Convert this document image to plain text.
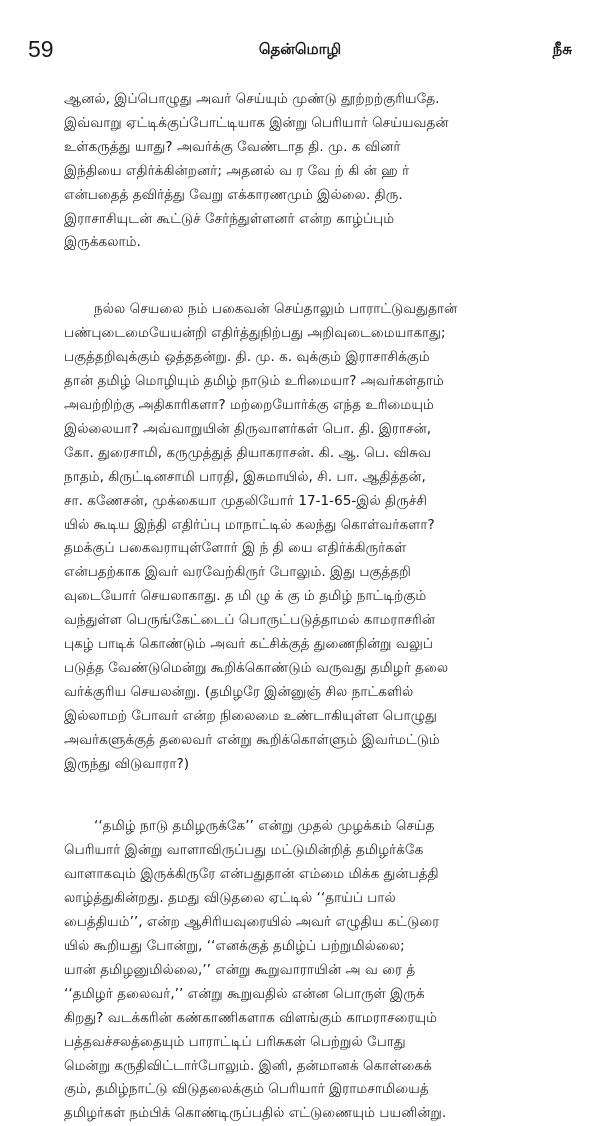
59	தென்மொழி	நீசு

ஆனல், இப்பொழுது அவர் செய்யும் முண்டு தூற்றற்குரியதே.
இவ்வாறு ஏட்டிக்குப்போட்டியாக இன்று பெரியார் செய்யவதன்
உள்கருத்து யாது? அவர்க்கு வேண்டாத தி. மு. க வினர்
இந்தியை எதிர்க்கின்றனர்; அதனல் வ ர வே ற் கி ன் ஹ ர்
என்பதைத் தவிர்த்து வேறு எக்காரணமும் இல்லை. திரு.
இராசாசியுடன் கூட்டுச் சேர்ந்துள்ளனர் என்ற காழ்ப்பும்
இருக்கலாம்.

நல்ல செயலை நம் பகைவன் செய்தாலும் பாராட்டுவதுதான்
பண்புடைமையேயன்றி எதிர்த்துநிற்பது அறிவுடைமையாகாது;
பகுத்தறிவுக்கும் ஒத்ததன்று. தி. மு. க. வுக்கும் இராசாசிக்கும்
தான் தமிழ் மொழியும் தமிழ் நாடும் உரிமையா? அவர்கள்தாம்
அவற்றிற்கு அதிகாரிகளா? மற்றையோர்க்கு எந்த உரிமையும்
இல்லையா? அவ்வாறுயின் திருவாளர்கள் பொ. தி. இராசன்,
கோ. துரைசாமி, கருமுத்துத் தியாகராசன். கி. ஆ. பெ. விசுவ
நாதம், கிருட்டினசாமி பாரதி, இசுமாயில், சி. பா. ஆதித்தன்,
சா. கணேசன், முக்கையா முதலியோர் 17-1-65-இல் திருச்சி
யில் கூடிய இந்தி எதிர்ப்பு மாநாட்டில் கலந்து கொள்வர்களா?
தமக்குப் பகைவராயுள்ளோர் இ ந் தி யை எதிர்க்கிருர்கள்
என்பதற்காக இவர் வரவேற்கிருர் போலும். இது பகுத்தறி
வுடையோர் செயலாகாது. த மி ழு க் கு ம் தமிழ் நாட்டிற்கும்
வந்துள்ள பெருங்கேட்டைப் பொருட்படுத்தாமல் காமராசரின்
புகழ் பாடிக் கொண்டும் அவர் கட்சிக்குத் துணைநின்று வலுப்
படுத்த வேண்டுமென்று கூறிக்கொண்டும் வருவது தமிழர் தலை
வர்க்குரிய செயலன்று. (தமிழரே இன்னுஞ் சில நாட்களில்
இல்லாமற் போவர் என்ற நிலைமை உண்டாகியுள்ள பொழுது
அவர்களுக்குத் தலைவர் என்று கூறிக்கொள்ளும் இவர்மட்டும்
இருந்து விடுவாரா?)

‘‘தமிழ் நாடு தமிழருக்கே’’ என்று முதல் முழக்கம் செய்த
பெரியார் இன்று வாளாவிருப்பது மட்டுமின்றித் தமிழர்க்கே
வாளாகவும் இருக்கிருரே என்பதுதான் எம்மை மிக்க துன்பத்தி
லாழ்த்துகின்றது. தமது விடுதலை ஏட்டில் ‘‘தாய்ப் பால்
பைத்தியம்’’, என்ற ஆசிரியவுரையில் அவர் எழுதிய கட்டுரை
யில் கூறியது போன்று, ‘‘எனக்குத் தமிழ்ப் பற்றுமில்லை;
யான் தமிழனுமில்லை,’’ என்று கூறுவாராயின் அ வ ரை த்
‘‘தமிழர் தலைவர்,’’ என்று கூறுவதில் என்ன பொருள் இருக்
கிறது? வடக்கரின் கண்காணிகளாக விளங்கும் காமராசரையும்
பத்தவச்சலத்தையும் பாராட்டிப் பரிசுகள் பெற்றுல் போது
மென்று கருதிவிட்டார்போலும். இனி, தன்மானக் கொள்கைக்
கும், தமிழ்நாட்டு விடுதலைக்கும் பெரியார் இராமசாமியைத்
தமிழர்கள் நம்பிக் கொண்டிருப்பதில் எட்டுணையும் பயனின்று.
